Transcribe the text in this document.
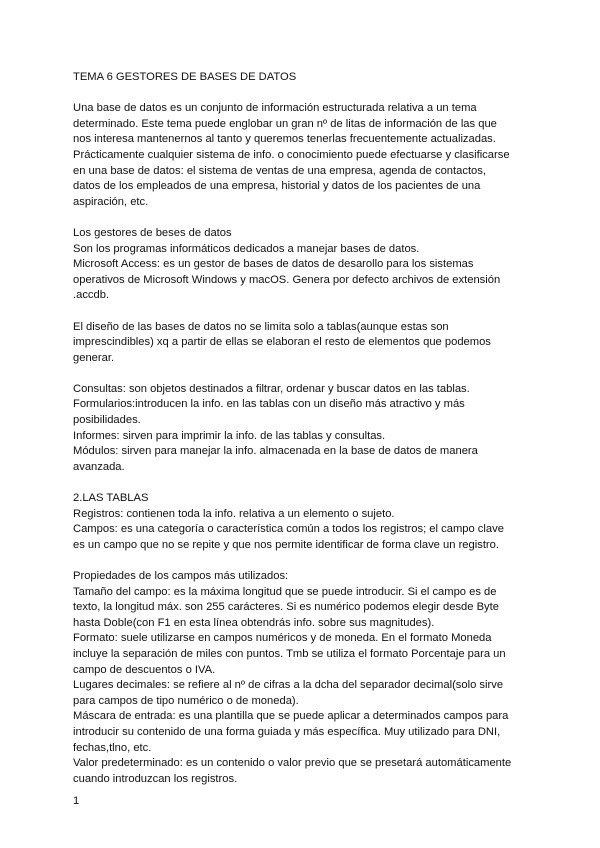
TEMA 6 GESTORES DE BASES DE DATOS
Una base de datos es un conjunto de información estructurada relativa a un tema
determinado. Este tema puede englobar un gran nº de litas de información de las que
nos interesa mantenernos al tanto y queremos tenerlas frecuentemente actualizadas.
Prácticamente cualquier sistema de info. o conocimiento puede efectuarse y clasificarse
en una base de datos: el sistema de ventas de una empresa, agenda de contactos,
datos de los empleados de una empresa, historial y datos de los pacientes de una
aspiración, etc.
Los gestores de beses de datos
Son los programas informáticos dedicados a manejar bases de datos.
Microsoft Access: es un gestor de bases de datos de desarollo para los sistemas
operativos de Microsoft Windows y macOS. Genera por defecto archivos de extensión
.accdb.
El diseño de las bases de datos no se limita solo a tablas(aunque estas son
imprescindibles) xq a partir de ellas se elaboran el resto de elementos que podemos
generar.
Consultas: son objetos destinados a filtrar, ordenar y buscar datos en las tablas.
Formularios:introducen la info. en las tablas con un diseño más atractivo y más
posibilidades.
Informes: sirven para imprimir la info. de las tablas y consultas.
Módulos: sirven para manejar la info. almacenada en la base de datos de manera
avanzada.
2.LAS TABLAS
Registros: contienen toda la info. relativa a un elemento o sujeto.
Campos: es una categoría o característica común a todos los registros; el campo clave
es un campo que no se repite y que nos permite identificar de forma clave un registro.
Propiedades de los campos más utilizados:
Tamaño del campo: es la máxima longitud que se puede introducir. Si el campo es de
texto, la longitud máx. son 255 carácteres. Si es numérico podemos elegir desde Byte
hasta Doble(con F1 en esta línea obtendrás info. sobre sus magnitudes).
Formato: suele utilizarse en campos numéricos y de moneda. En el formato Moneda
incluye la separación de miles con puntos. Tmb se utiliza el formato Porcentaje para un
campo de descuentos o IVA.
Lugares decimales: se refiere al nº de cifras a la dcha del separador decimal(solo sirve
para campos de tipo numérico o de moneda).
Máscara de entrada: es una plantilla que se puede aplicar a determinados campos para
introducir su contenido de una forma guiada y más específica. Muy utilizado para DNI,
fechas,tlno, etc.
Valor predeterminado: es un contenido o valor previo que se presetará automáticamente
cuando introduzcan los registros.
1
